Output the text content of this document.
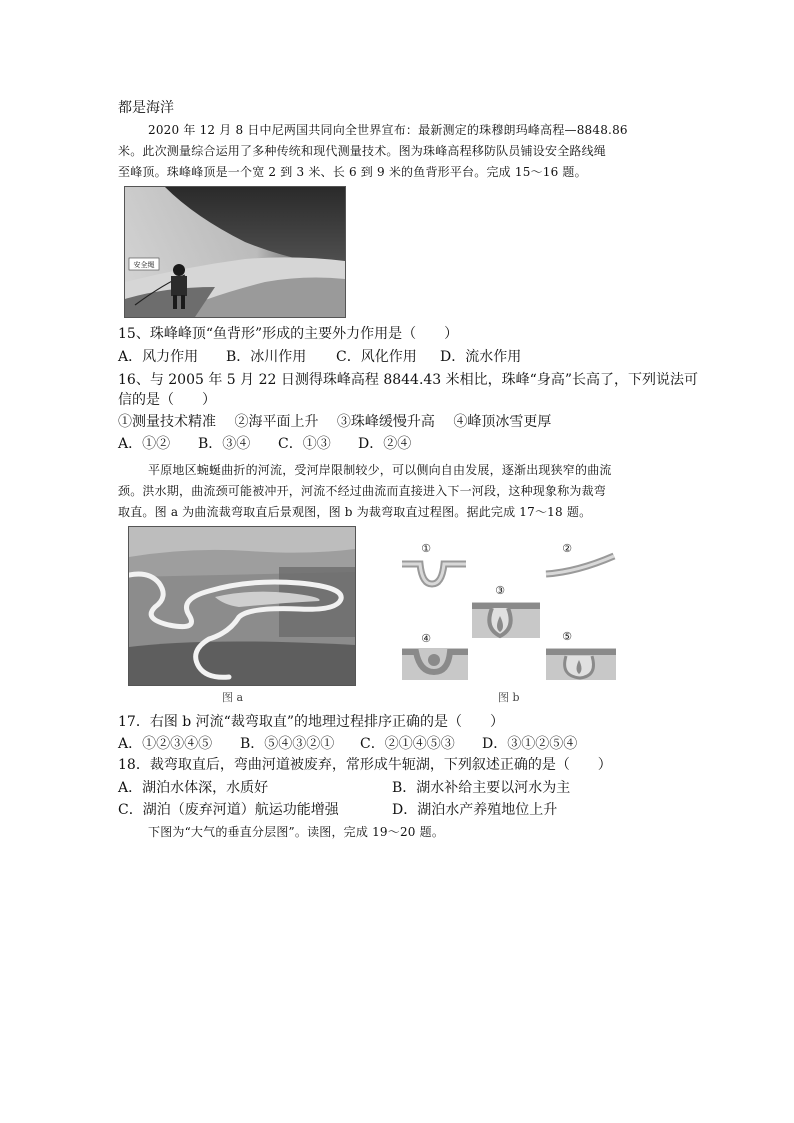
都是海洋
2020 年 12 月 8 日中尼两国共同向全世界宣布：最新测定的珠穆朗玛峰高程—8848.86
米。此次测量综合运用了多种传统和现代测量技术。图为珠峰高程移防队员铺设安全路线绳
至峰顶。珠峰峰顶是一个宽 2 到 3 米、长 6 到 9 米的鱼背形平台。完成 15～16 题。
安全绳
15、珠峰峰顶“鱼背形”形成的主要外力作用是（　　）
A．风力作用 B．冰川作用 C．风化作用 D．流水作用
16、与 2005 年 5 月 22 日测得珠峰高程 8844.43 米相比，珠峰“身高”长高了，下列说法可
信的是（　　）
①测量技术精准　 ②海平面上升　 ③珠峰缓慢升高　 ④峰顶冰雪更厚
A．①② B．③④ C．①③ D．②④
平原地区蜿蜒曲折的河流，受河岸限制较少，可以侧向自由发展，逐渐出现狭窄的曲流
颈。洪水期，曲流颈可能被冲开，河流不经过曲流而直接进入下一河段，这种现象称为裁弯
取直。图 a 为曲流裁弯取直后景观图，图 b 为裁弯取直过程图。据此完成 17～18 题。
图 a
①	②
③
④	⑤
图 b
17．右图 b 河流“裁弯取直”的地理过程排序正确的是（　　）
A．①②③④⑤ B．⑤④③②① C．②①④⑤③ D．③①②⑤④
18．裁弯取直后，弯曲河道被废弃，常形成牛轭湖，下列叙述正确的是（　　）
A．湖泊水体深，水质好	B．湖水补给主要以河水为主
C．湖泊（废弃河道）航运功能增强	D．湖泊水产养殖地位上升
下图为“大气的垂直分层图”。读图，完成 19～20 题。
